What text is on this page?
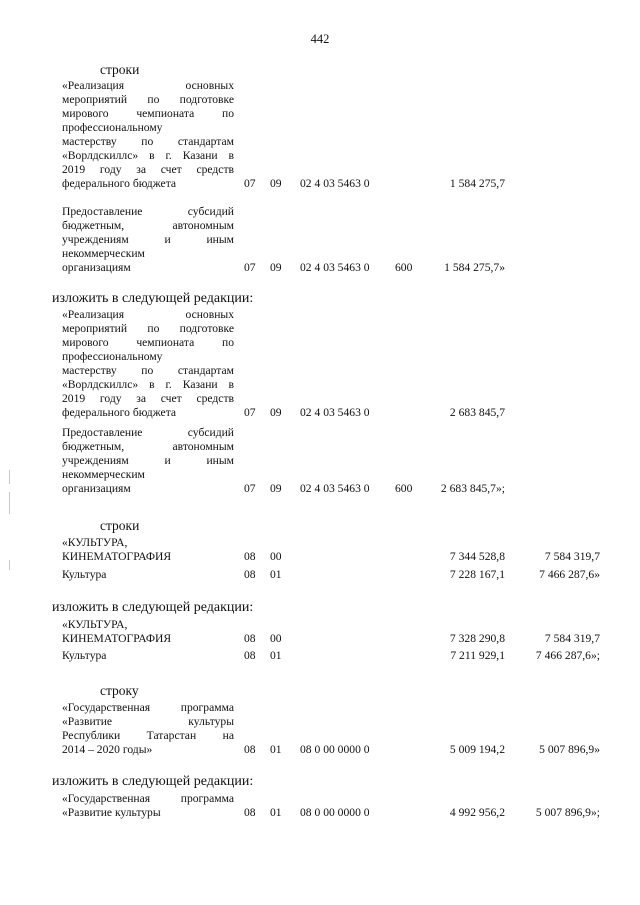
442
строки
«Реализация основных
мероприятий по подготовке
мирового чемпионата по
профессиональному
мастерству по стандартам
«Ворлдскиллс» в г. Казани в
2019 году за счет средств
федерального бюджета	07 09 02 4 03 5463 0	1 584 275,7
Предоставление субсидий
бюджетным, автономным
учреждениям и иным
некоммерческим
организациям	07 09 02 4 03 5463 0 600	1 584 275,7»
изложить в следующей редакции:
«Реализация основных
мероприятий по подготовке
мирового чемпионата по
профессиональному
мастерству по стандартам
«Ворлдскиллс» в г. Казани в
2019 году за счет средств
федерального бюджета	07 09 02 4 03 5463 0	2 683 845,7
Предоставление субсидий
бюджетным, автономным
учреждениям и иным
некоммерческим
организациям	07 09 02 4 03 5463 0 600	2 683 845,7»;
строки
«КУЛЬТУРА,
КИНЕМАТОГРАФИЯ	08 00	7 344 528,8	7 584 319,7
Культура	08 01	7 228 167,1	7 466 287,6»
изложить в следующей редакции:
«КУЛЬТУРА,
КИНЕМАТОГРАФИЯ	08 00	7 328 290,8	7 584 319,7
Культура	08 01	7 211 929,1	7 466 287,6»;
строку
«Государственная программа
«Развитие культуры
Республики Татарстан на
2014 – 2020 годы»	08 01 08 0 00 0000 0	5 009 194,2	5 007 896,9»
изложить в следующей редакции:
«Государственная программа
«Развитие культуры	08 01 08 0 00 0000 0	4 992 956,2	5 007 896,9»;
